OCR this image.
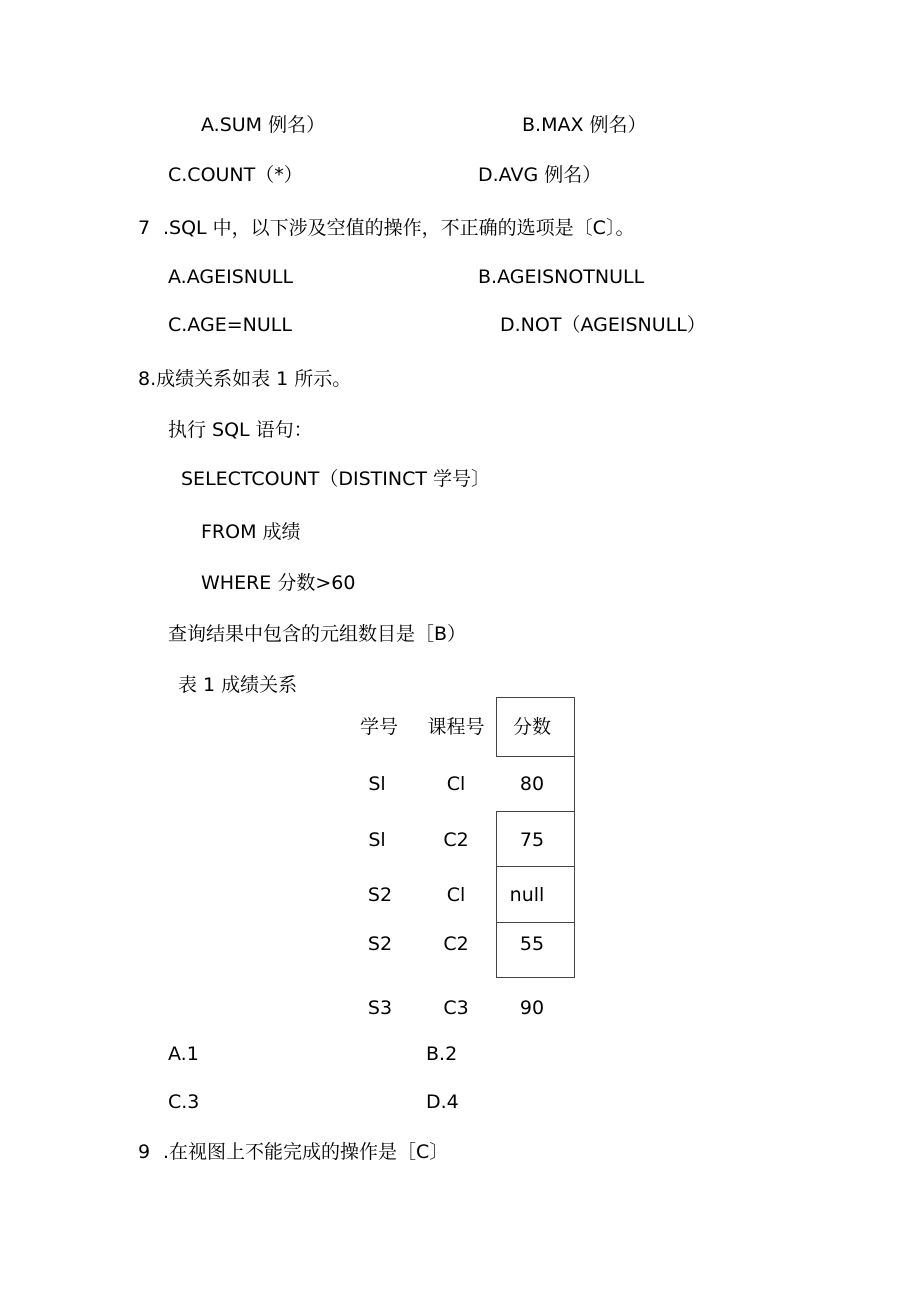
A.SUM 例名）	B.MAX 例名）

C.COUNT（*）	D.AVG 例名）

7 .SQL 中，以下涉及空值的操作，不正确的选项是〔C〕。

A.AGEISNULL	B.AGEISNOTNULL

C.AGE=NULL	D.NOT（AGEISNULL）

8.成绩关系如表 1 所示。

执行 SQL 语句：

SELECTCOUNT（DISTINCT 学号〕

FROM 成绩

WHERE 分数>60

查询结果中包含的元组数目是［B）

表 1 成绩关系

学号	课程号	分数
Sl	Cl	80
Sl	C2	75
S2	Cl	null
S2	C2	55
S3	C3	90

A.1	B.2

C.3	D.4

9 .在视图上不能完成的操作是［C〕
